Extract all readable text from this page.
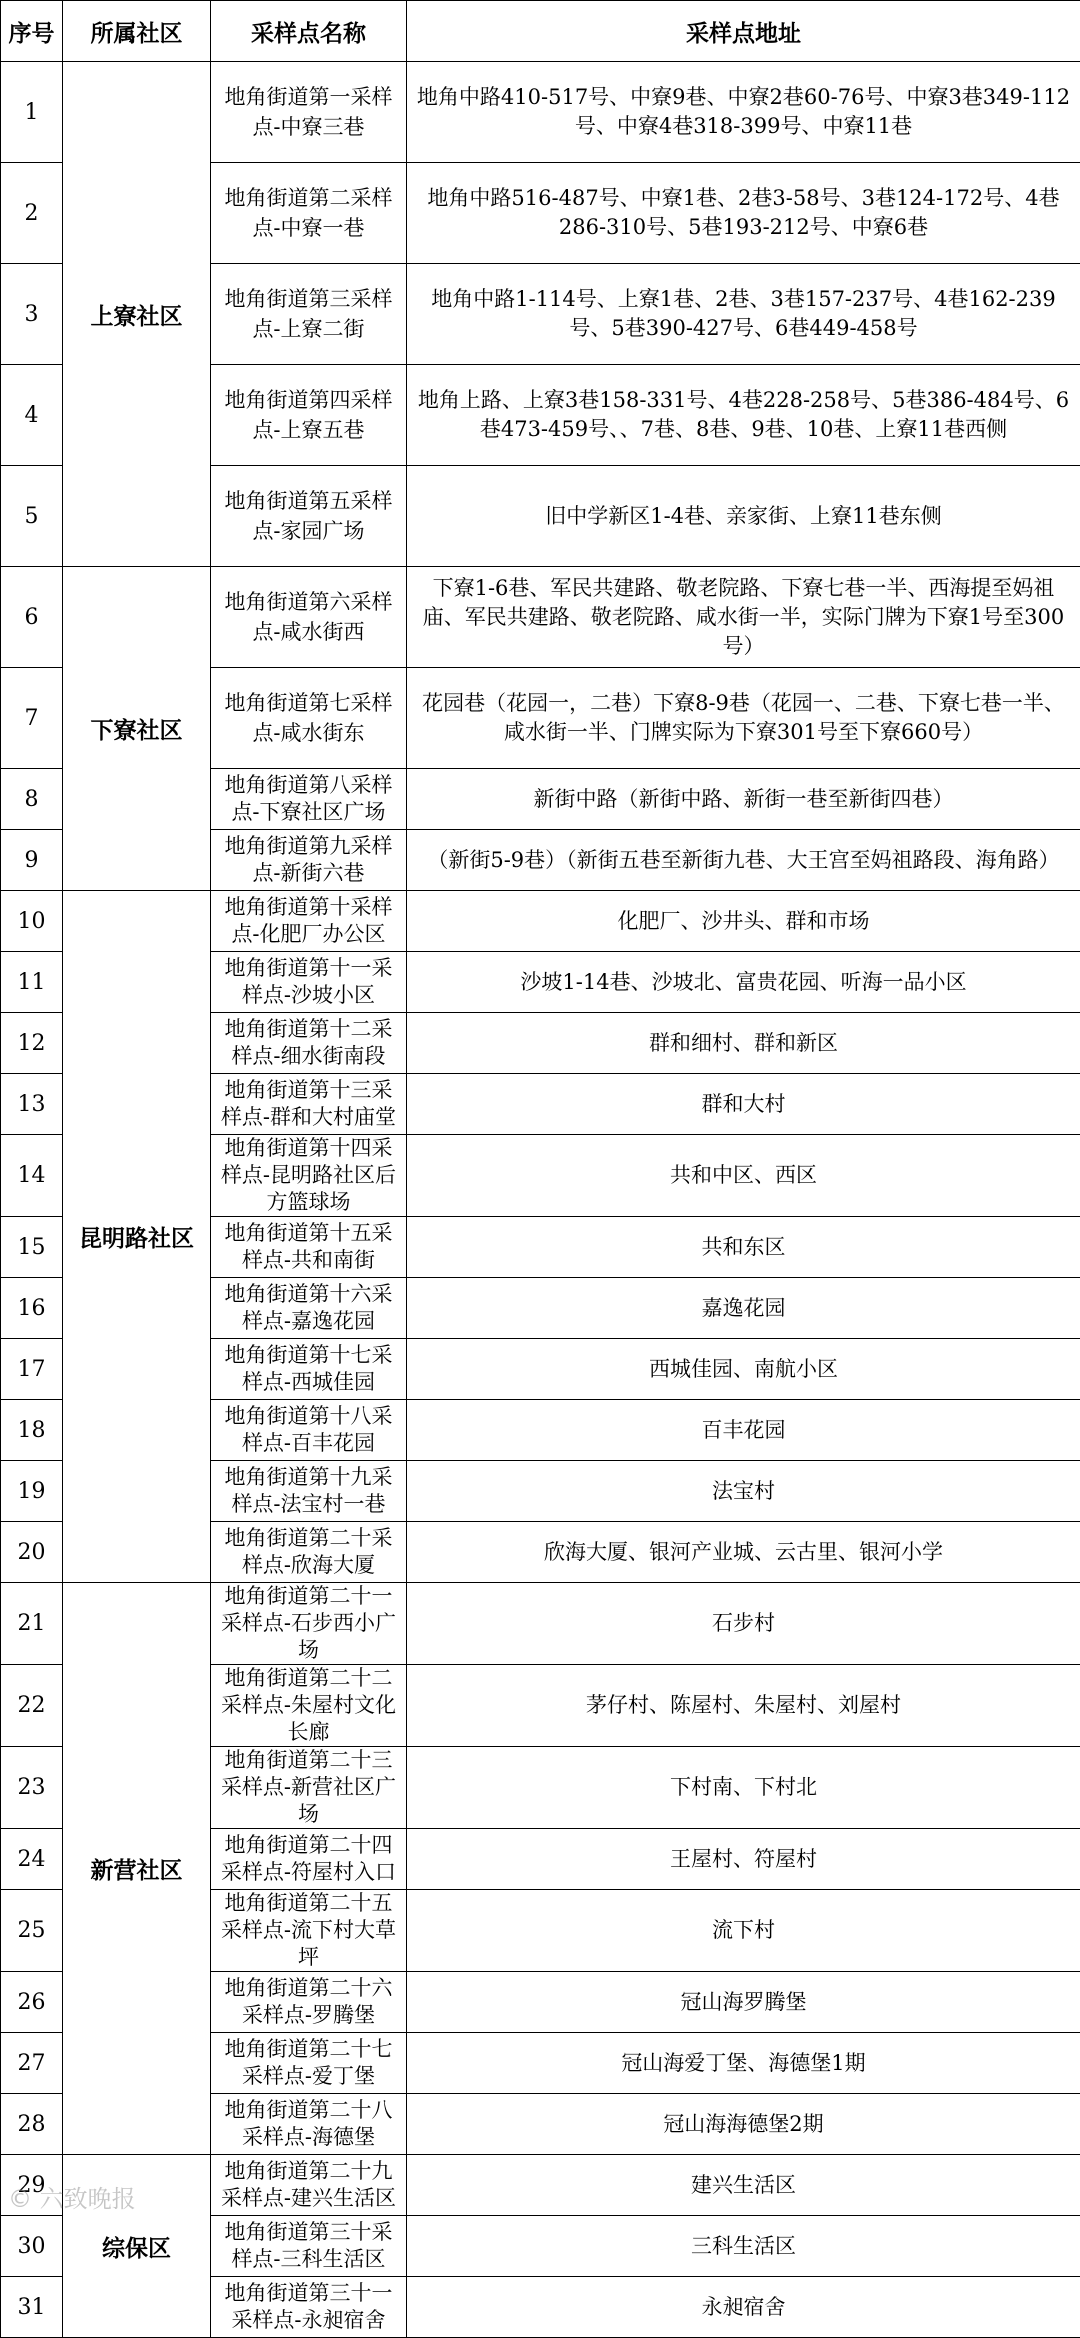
序号	所属社区	采样点名称	采样点地址
1	上寮社区	地角街道第一采样点-中寮三巷	地角中路410-517号、中寮9巷、中寮2巷60-76号、中寮3巷349-112号、中寮4巷318-399号、中寮11巷
2		地角街道第二采样点-中寮一巷	地角中路516-487号、中寮1巷、2巷3-58号、3巷124-172号、4巷286-310号、5巷193-212号、中寮6巷
3		地角街道第三采样点-上寮二街	地角中路1-114号、上寮1巷、2巷、3巷157-237号、4巷162-239号、5巷390-427号、6巷449-458号
4		地角街道第四采样点-上寮五巷	地角上路、上寮3巷158-331号、4巷228-258号、5巷386-484号、6巷473-459号、、7巷、8巷、9巷、10巷、上寮11巷西侧
5		地角街道第五采样点-家园广场	旧中学新区1-4巷、亲家街、上寮11巷东侧
6	下寮社区	地角街道第六采样点-咸水街西	下寮1-6巷、军民共建路、敬老院路、下寮七巷一半、西海提至妈祖庙、军民共建路、敬老院路、咸水街一半，实际门牌为下寮1号至300号）
7		地角街道第七采样点-咸水街东	花园巷（花园一，二巷）下寮8-9巷（花园一、二巷、下寮七巷一半、咸水街一半、门牌实际为下寮301号至下寮660号）
8		地角街道第八采样点-下寮社区广场	新街中路（新街中路、新街一巷至新街四巷）
9		地角街道第九采样点-新街六巷	（新街5-9巷）（新街五巷至新街九巷、大王宫至妈祖路段、海角路）
10	昆明路社区	地角街道第十采样点-化肥厂办公区	化肥厂、沙井头、群和市场
11		地角街道第十一采样点-沙坡小区	沙坡1-14巷、沙坡北、富贵花园、听海一品小区
12		地角街道第十二采样点-细水街南段	群和细村、群和新区
13		地角街道第十三采样点-群和大村庙堂	群和大村
14		地角街道第十四采样点-昆明路社区后方篮球场	共和中区、西区
15		地角街道第十五采样点-共和南街	共和东区
16		地角街道第十六采样点-嘉逸花园	嘉逸花园
17		地角街道第十七采样点-西城佳园	西城佳园、南航小区
18		地角街道第十八采样点-百丰花园	百丰花园
19		地角街道第十九采样点-法宝村一巷	法宝村
20		地角街道第二十采样点-欣海大厦	欣海大厦、银河产业城、云古里、银河小学
21	新营社区	地角街道第二十一采样点-石步西小广场	石步村
22		地角街道第二十二采样点-朱屋村文化长廊	茅仔村、陈屋村、朱屋村、刘屋村
23		地角街道第二十三采样点-新营社区广场	下村南、下村北
24		地角街道第二十四采样点-符屋村入口	王屋村、符屋村
25		地角街道第二十五采样点-流下村大草坪	流下村
26		地角街道第二十六采样点-罗腾堡	冠山海罗腾堡
27		地角街道第二十七采样点-爱丁堡	冠山海爱丁堡、海德堡1期
28		地角街道第二十八采样点-海德堡	冠山海海德堡2期
29	综保区	地角街道第二十九采样点-建兴生活区	建兴生活区
30		地角街道第三十采样点-三科生活区	三科生活区
31		地角街道第三十一采样点-永昶宿舍	永昶宿舍
© 六致晚报
